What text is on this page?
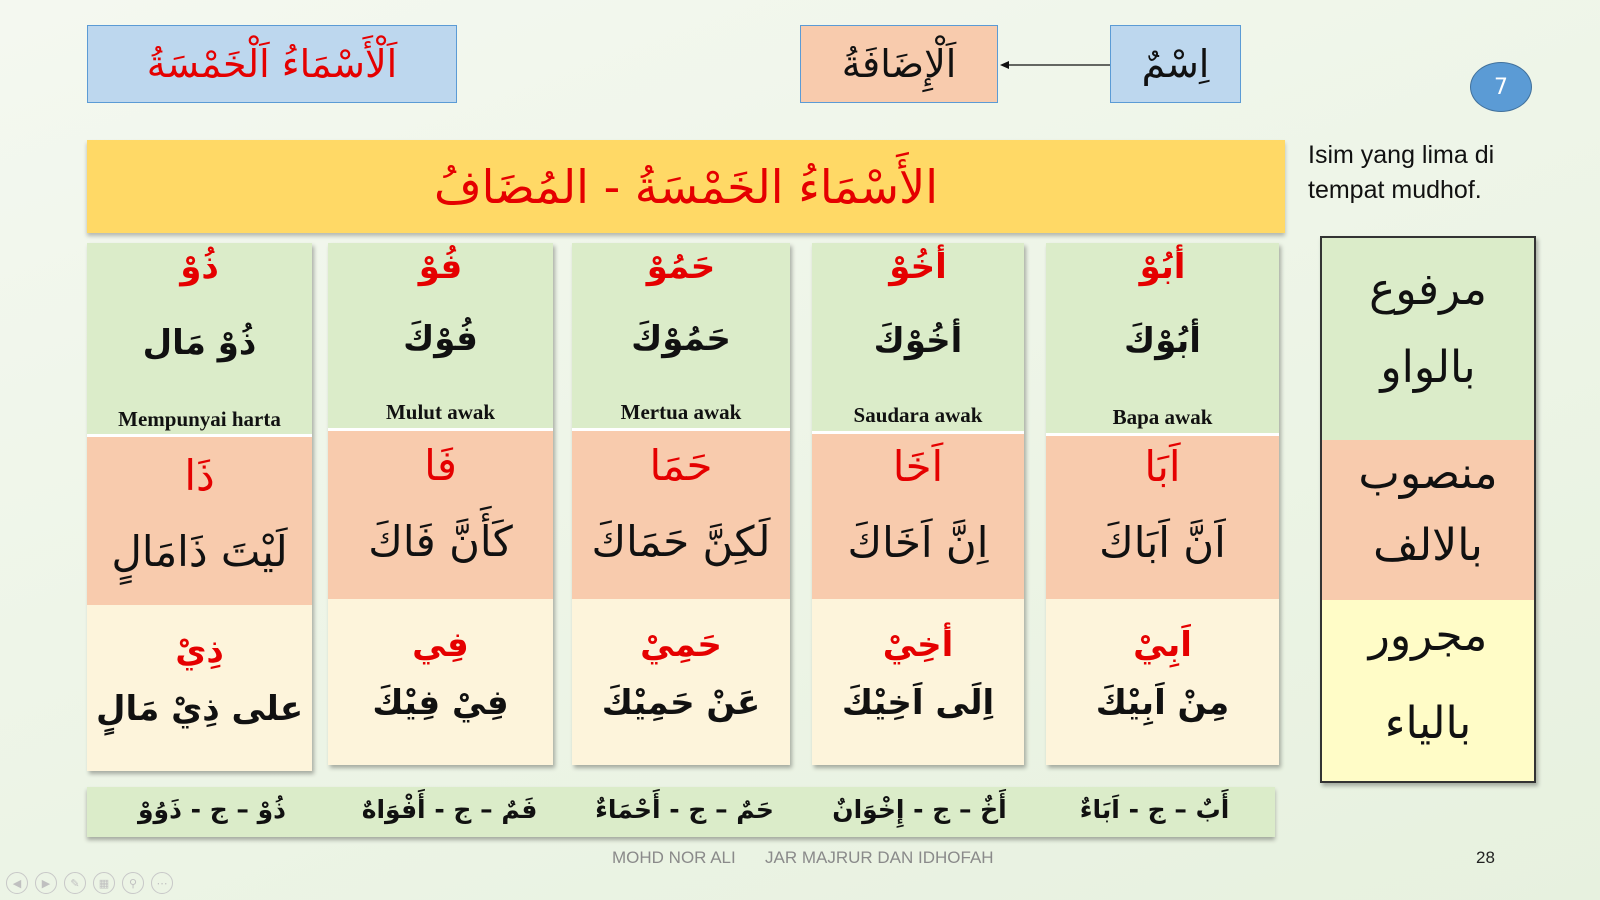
اَلْأَسْمَاءُ اَلْخَمْسَةُ	اَلْإِضَافَةُ	اِسْمٌ
7
الأَسْمَاءُ الخَمْسَةُ - المُضَافُ
Isim yang lima di
tempat mudhof.
ذُوْ
ذُوْ مَال
Mempunyai harta
ذَا
لَيْتَ ذَامَالٍ
ذِيْ
على ذِيْ مَالٍ
فُوْ
فُوْكَ
Mulut awak
فَا
كَأَنَّ فَاكَ
فِي
فِيْ فِيْكَ
حَمُوْ
حَمُوْكَ
Mertua awak
حَمَا
لَكِنَّ حَمَاكَ
حَمِيْ
عَنْ حَمِيْكَ
أخُوْ
أخُوْكَ
Saudara awak
اَخَا
اِنَّ اَخَاكَ
أخِيْ
اِلَى اَخِيْكَ
أبُوْ
أبُوْكَ
Bapa awak
اَبَا
اَنَّ اَبَاكَ
اَبِيْ
مِنْ اَبِيْكَ
مرفوع
بالواو
منصوب
بالالف
مجرور
بالياء
ذُوْ – ج - ذَوُوْ	فَمٌ – ج - أَفْوَاهٌ	حَمٌ – ج - أَحْمَاءٌ	أَخٌ – ج - إِخْوَانٌ	أَبٌ – ج - اَبَاءٌ
MOHD NOR ALI JAR MAJRUR DAN IDHOFAH	28
◀	▶	✎	▦	⚲	⋯
